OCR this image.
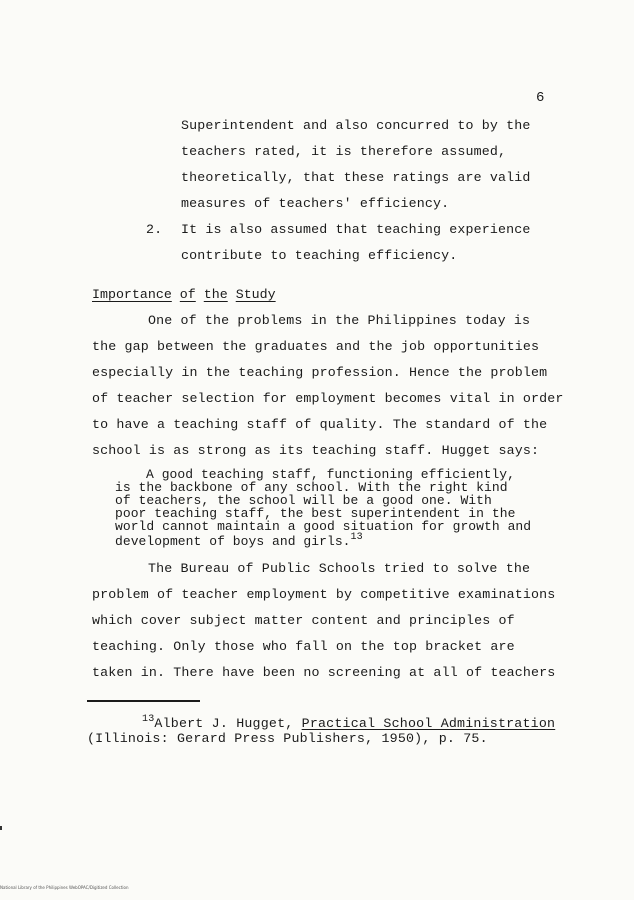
6
Superintendent and also concurred to by the
teachers rated, it is therefore assumed,
theoretically, that these ratings are valid
measures of teachers' efficiency.
2. It is also assumed that teaching experience
contribute to teaching efficiency.
Importance of the Study
One of the problems in the Philippines today is
the gap between the graduates and the job opportunities
especially in the teaching profession. Hence the problem
of teacher selection for employment becomes vital in order
to have a teaching staff of quality. The standard of the
school is as strong as its teaching staff. Hugget says:
A good teaching staff, functioning efficiently,
is the backbone of any school. With the right kind
of teachers, the school will be a good one. With
poor teaching staff, the best superintendent in the
world cannot maintain a good situation for growth and
development of boys and girls.$^{13}$
The Bureau of Public Schools tried to solve the
problem of teacher employment by competitive examinations
which cover subject matter content and principles of
teaching. Only those who fall on the top bracket are
taken in. There have been no screening at all of teachers
$^{13}$Albert J. Hugget, Practical School Administration
(Illinois: Gerard Press Publishers, 1950), p. 75.
National Library of the Philippines WebOPAC/Digitized Collection
